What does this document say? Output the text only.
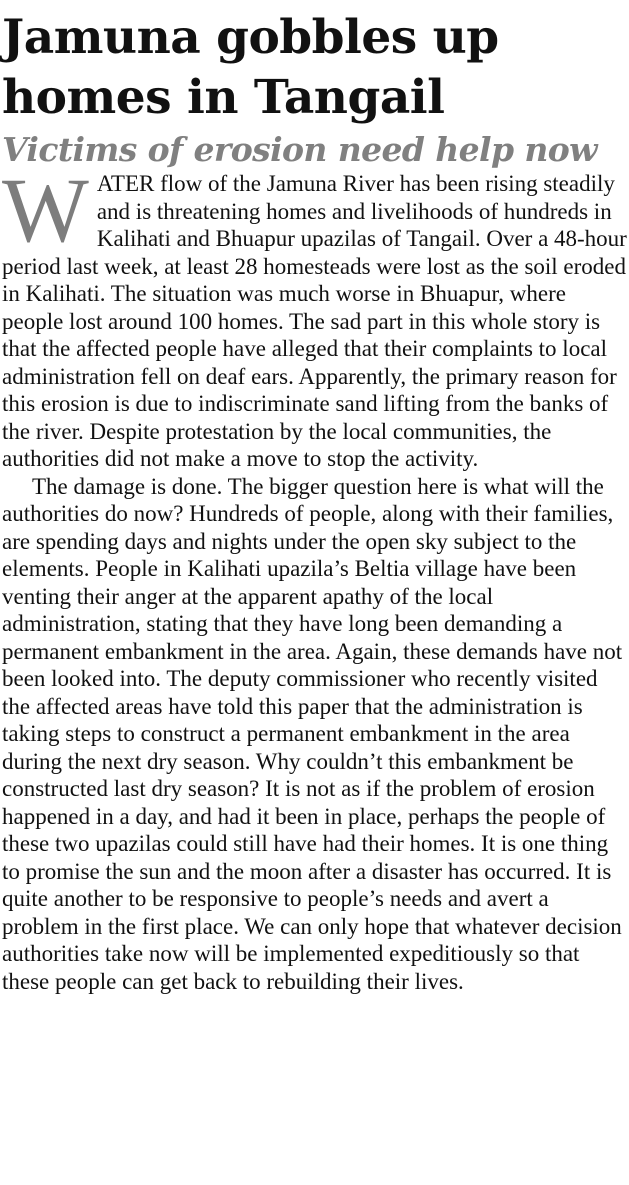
Jamuna gobbles up homes in Tangail
Victims of erosion need help now

WATER flow of the Jamuna River has been rising steadily and is threatening homes and livelihoods of hundreds in Kalihati and Bhuapur upazilas of Tangail. Over a 48-hour period last week, at least 28 homesteads were lost as the soil eroded in Kalihati. The situation was much worse in Bhuapur, where people lost around 100 homes. The sad part in this whole story is that the affected people have alleged that their complaints to local administration fell on deaf ears. Apparently, the primary reason for this erosion is due to indiscriminate sand lifting from the banks of the river. Despite protestation by the local communities, the authorities did not make a move to stop the activity.

The damage is done. The bigger question here is what will the authorities do now? Hundreds of people, along with their families, are spending days and nights under the open sky subject to the elements. People in Kalihati upazila’s Beltia village have been venting their anger at the apparent apathy of the local administration, stating that they have long been demanding a permanent embankment in the area. Again, these demands have not been looked into. The deputy commissioner who recently visited the affected areas have told this paper that the administration is taking steps to construct a permanent embankment in the area during the next dry season. Why couldn’t this embankment be constructed last dry season? It is not as if the problem of erosion happened in a day, and had it been in place, perhaps the people of these two upazilas could still have had their homes. It is one thing to promise the sun and the moon after a disaster has occurred. It is quite another to be responsive to people’s needs and avert a problem in the first place. We can only hope that whatever decision authorities take now will be implemented expeditiously so that these people can get back to rebuilding their lives.
